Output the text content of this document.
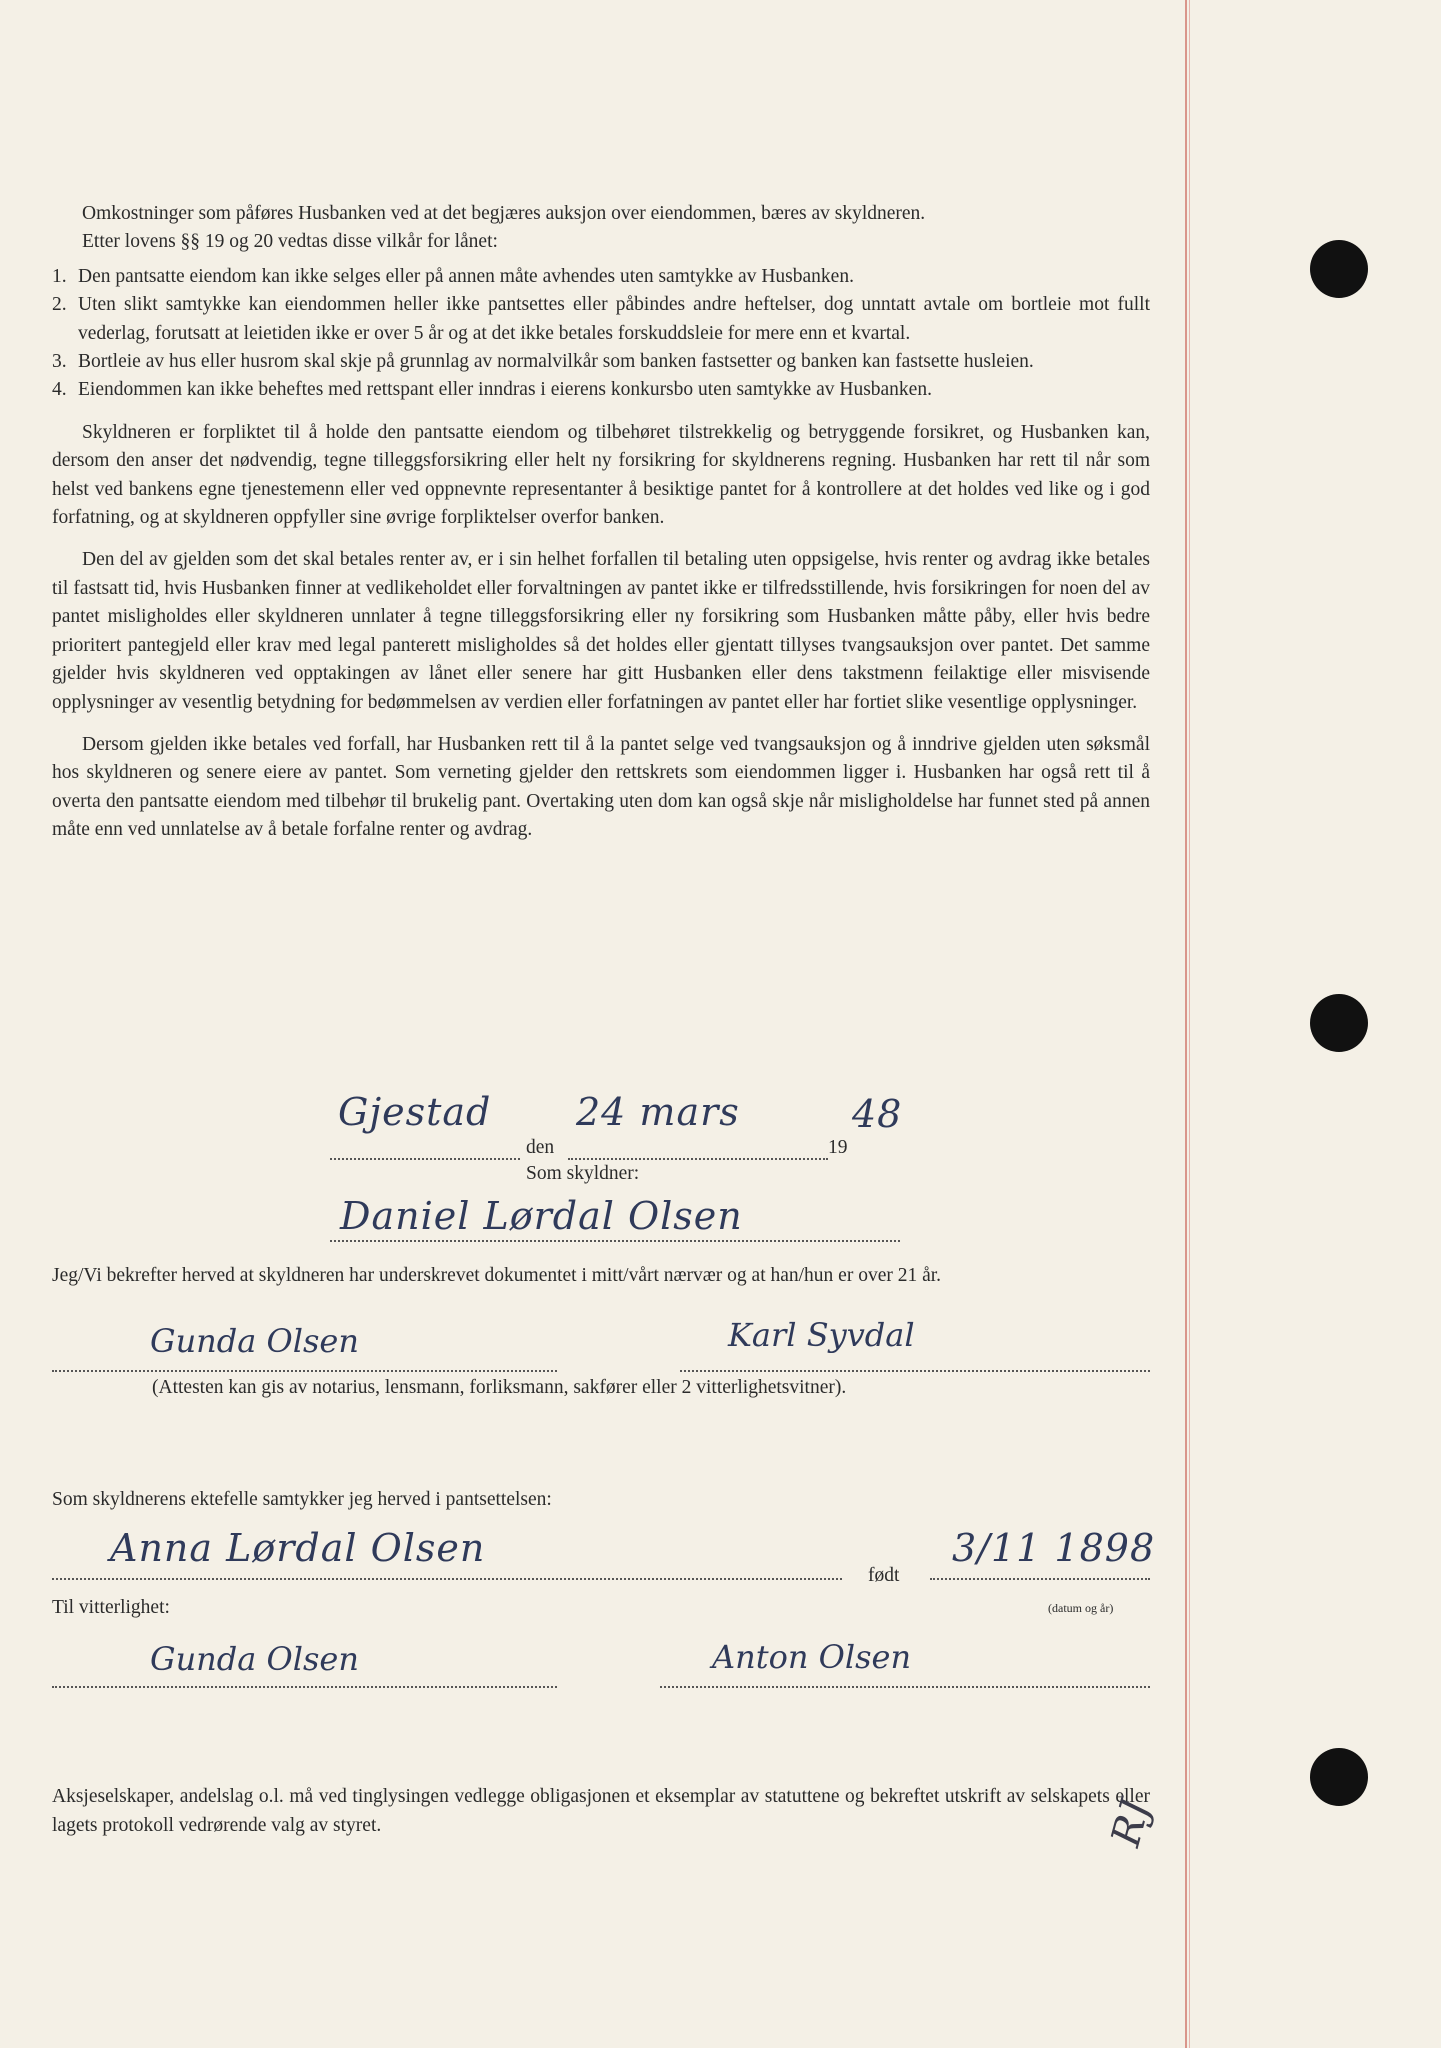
Omkostninger som påføres Husbanken ved at det begjæres auksjon over eiendommen, bæres av skyldneren.

Etter lovens §§ 19 og 20 vedtas disse vilkår for lånet:

1. Den pantsatte eiendom kan ikke selges eller på annen måte avhendes uten samtykke av Husbanken.
2. Uten slikt samtykke kan eiendommen heller ikke pantsettes eller påbindes andre heftelser, dog unntatt avtale om bortleie mot fullt vederlag, forutsatt at leietiden ikke er over 5 år og at det ikke betales forskuddsleie for mere enn et kvartal.
3. Bortleie av hus eller husrom skal skje på grunnlag av normalvilkår som banken fastsetter og banken kan fastsette husleien.
4. Eiendommen kan ikke beheftes med rettspant eller inndras i eierens konkursbo uten samtykke av Husbanken.

Skyldneren er forpliktet til å holde den pantsatte eiendom og tilbehøret tilstrekkelig og betryggende forsikret, og Husbanken kan, dersom den anser det nødvendig, tegne tilleggsforsikring eller helt ny forsikring for skyldnerens regning. Husbanken har rett til når som helst ved bankens egne tjenestemenn eller ved oppnevnte representanter å besiktige pantet for å kontrollere at det holdes ved like og i god forfatning, og at skyldneren oppfyller sine øvrige forpliktelser overfor banken.

Den del av gjelden som det skal betales renter av, er i sin helhet forfallen til betaling uten oppsigelse, hvis renter og avdrag ikke betales til fastsatt tid, hvis Husbanken finner at vedlikeholdet eller forvaltningen av pantet ikke er tilfredsstillende, hvis forsikringen for noen del av pantet misligholdes eller skyldneren unnlater å tegne tilleggsforsikring eller ny forsikring som Husbanken måtte påby, eller hvis bedre prioritert pantegjeld eller krav med legal panterett misligholdes så det holdes eller gjentatt tillyses tvangsauksjon over pantet. Det samme gjelder hvis skyldneren ved opptakingen av lånet eller senere har gitt Husbanken eller dens takstmenn feilaktige eller misvisende opplysninger av vesentlig betydning for bedømmelsen av verdien eller forfatningen av pantet eller har fortiet slike vesentlige opplysninger.

Dersom gjelden ikke betales ved forfall, har Husbanken rett til å la pantet selge ved tvangsauksjon og å inndrive gjelden uten søksmål hos skyldneren og senere eiere av pantet. Som verneting gjelder den rettskrets som eiendommen ligger i. Husbanken har også rett til å overta den pantsatte eiendom med tilbehør til brukelig pant. Overtaking uten dom kan også skje når misligholdelse har funnet sted på annen måte enn ved unnlatelse av å betale forfalne renter og avdrag.

Gjestad
den
24 mars
19
48
Som skyldner:
Daniel Lørdal Olsen
Jeg/Vi bekrefter herved at skyldneren har underskrevet dokumentet i mitt/vårt nærvær og at han/hun er over 21 år.
Gunda Olsen	Karl Syvdal
(Attesten kan gis av notarius, lensmann, forliksmann, sakfører eller 2 vitterlighetsvitner).
Som skyldnerens ektefelle samtykker jeg herved i pantsettelsen:
Anna Lørdal Olsen
født
3/11 1898
(datum og år)
Til vitterlighet:
Gunda Olsen	Anton Olsen
Aksjeselskaper, andelslag o.l. må ved tinglysingen vedlegge obligasjonen et eksemplar av statuttene og bekreftet utskrift av selskapets eller lagets protokoll vedrørende valg av styret.	RJ
